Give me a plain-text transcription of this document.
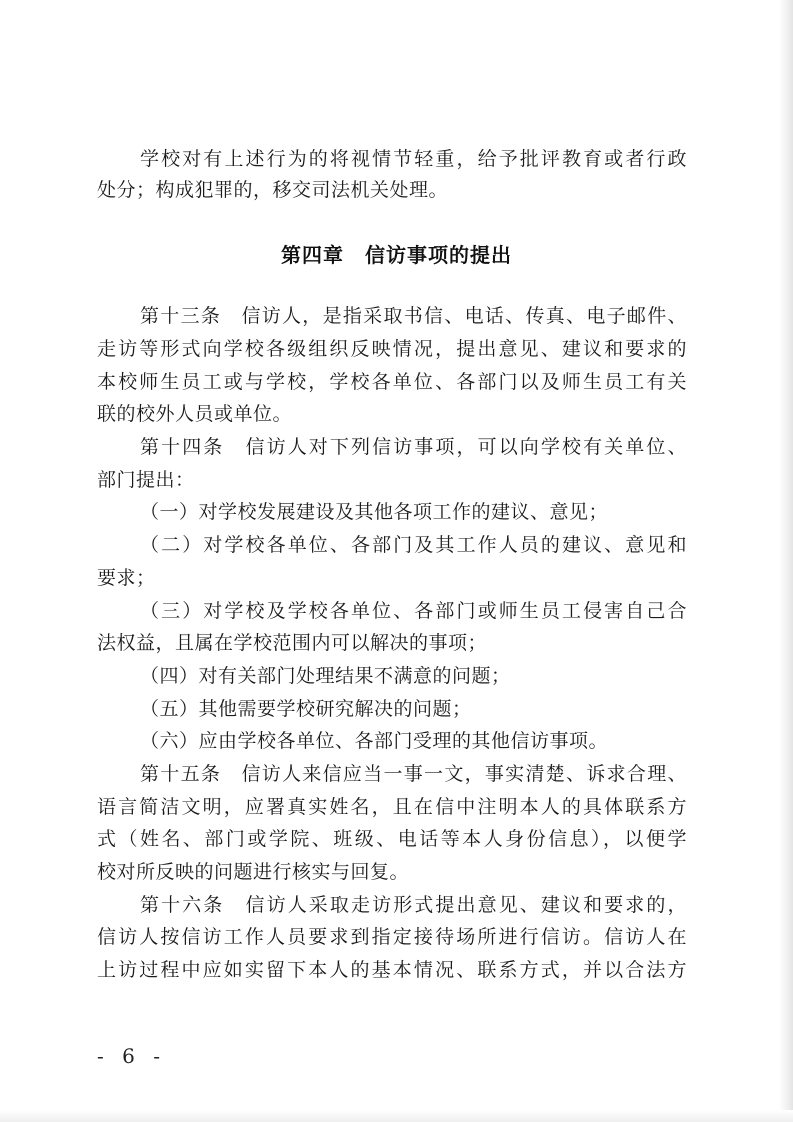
学校对有上述行为的将视情节轻重，给予批评教育或者行政

处分；构成犯罪的，移交司法机关处理。

第四章　信访事项的提出

第十三条　信访人，是指采取书信、电话、传真、电子邮件、

走访等形式向学校各级组织反映情况，提出意见、建议和要求的

本校师生员工或与学校，学校各单位、各部门以及师生员工有关

联的校外人员或单位。

第十四条　信访人对下列信访事项，可以向学校有关单位、

部门提出：

（一）对学校发展建设及其他各项工作的建议、意见；

（二）对学校各单位、各部门及其工作人员的建议、意见和

要求；

（三）对学校及学校各单位、各部门或师生员工侵害自己合

法权益，且属在学校范围内可以解决的事项；

（四）对有关部门处理结果不满意的问题；

（五）其他需要学校研究解决的问题；

（六）应由学校各单位、各部门受理的其他信访事项。

第十五条　信访人来信应当一事一文，事实清楚、诉求合理、

语言简洁文明，应署真实姓名，且在信中注明本人的具体联系方

式（姓名、部门或学院、班级、电话等本人身份信息），以便学

校对所反映的问题进行核实与回复。

第十六条　信访人采取走访形式提出意见、建议和要求的，

信访人按信访工作人员要求到指定接待场所进行信访。信访人在

上访过程中应如实留下本人的基本情况、联系方式，并以合法方

- 6 -
